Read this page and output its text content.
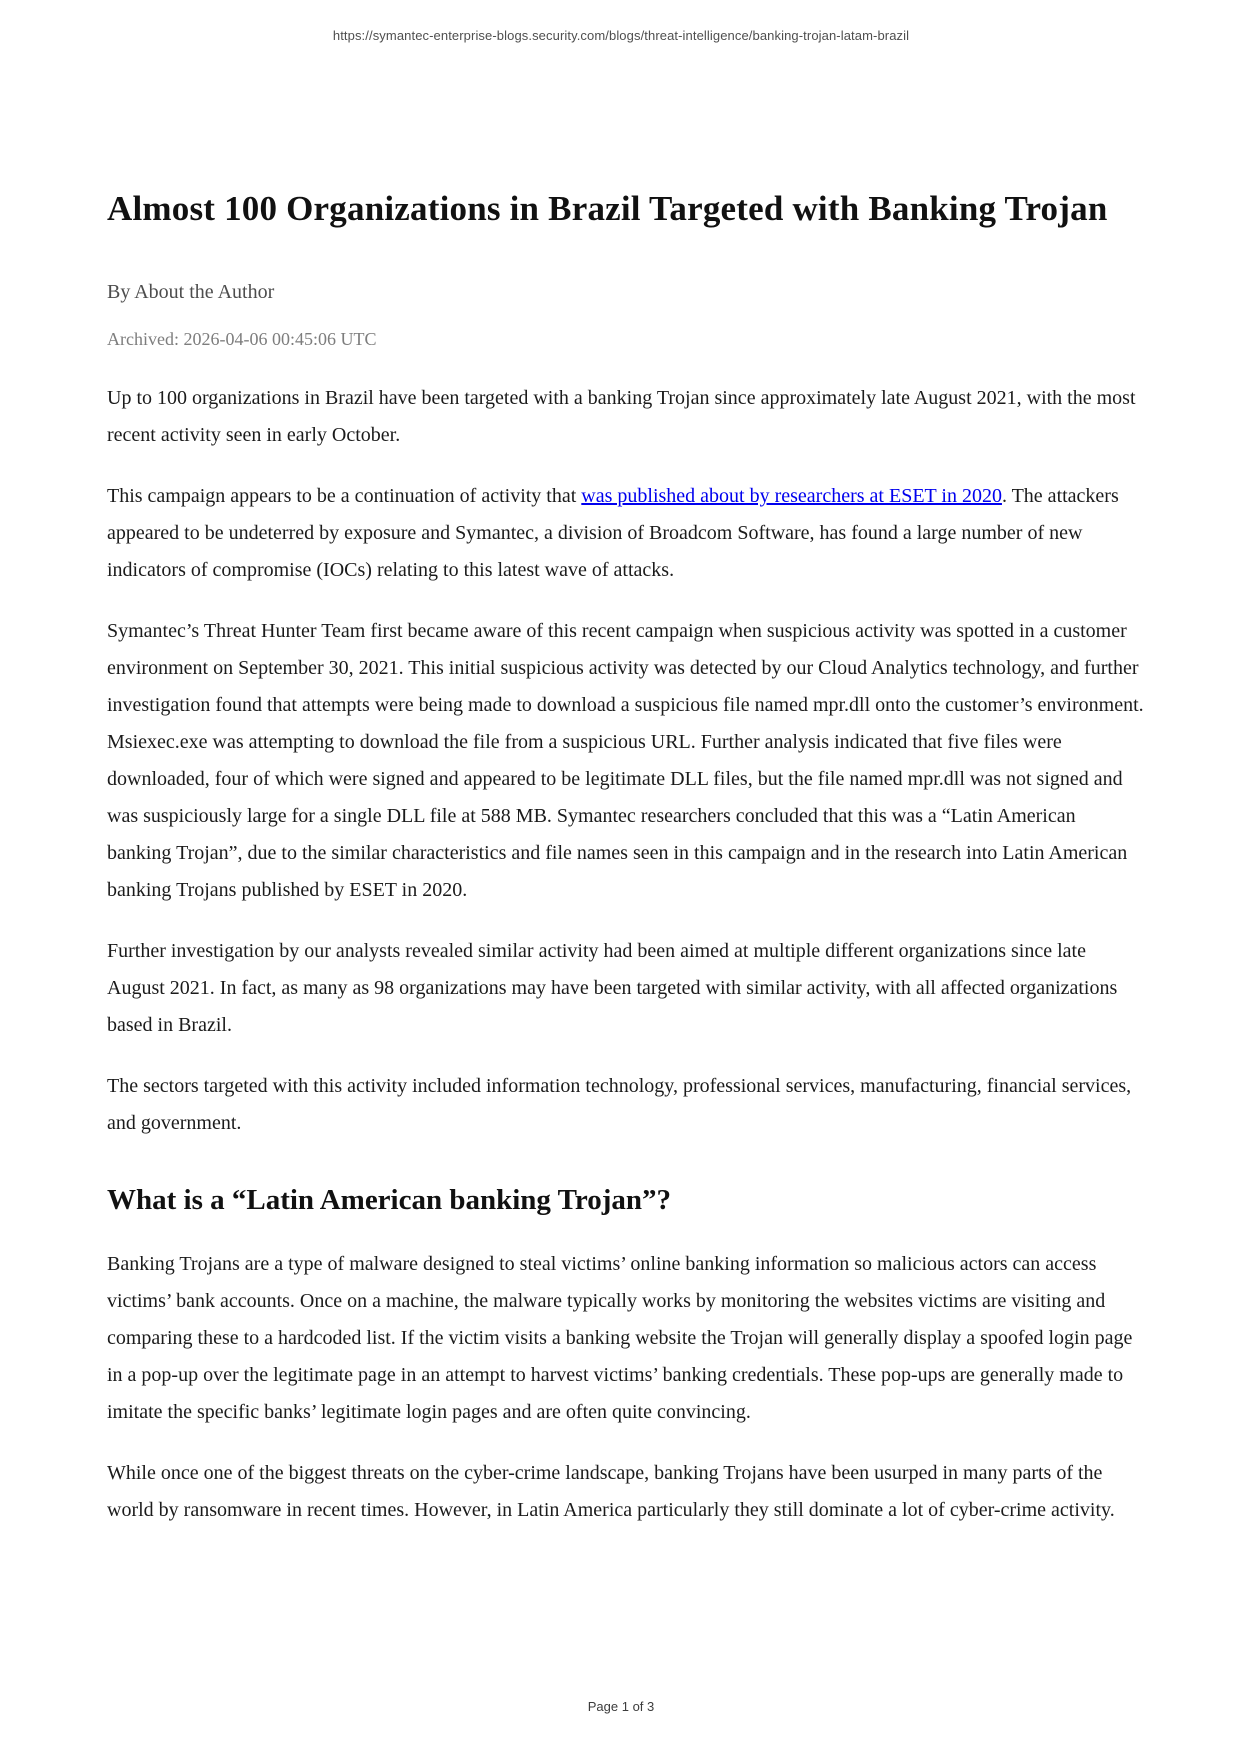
https://symantec-enterprise-blogs.security.com/blogs/threat-intelligence/banking-trojan-latam-brazil
Almost 100 Organizations in Brazil Targeted with Banking Trojan
By About the Author
Archived: 2026-04-06 00:45:06 UTC

Up to 100 organizations in Brazil have been targeted with a banking Trojan since approximately late August 2021, with the most recent activity seen in early October.

This campaign appears to be a continuation of activity that was published about by researchers at ESET in 2020. The attackers appeared to be undeterred by exposure and Symantec, a division of Broadcom Software, has found a large number of new indicators of compromise (IOCs) relating to this latest wave of attacks.

Symantec’s Threat Hunter Team first became aware of this recent campaign when suspicious activity was spotted in a customer environment on September 30, 2021. This initial suspicious activity was detected by our Cloud Analytics technology, and further investigation found that attempts were being made to download a suspicious file named mpr.dll onto the customer’s environment. Msiexec.exe was attempting to download the file from a suspicious URL. Further analysis indicated that five files were downloaded, four of which were signed and appeared to be legitimate DLL files, but the file named mpr.dll was not signed and was suspiciously large for a single DLL file at 588 MB. Symantec researchers concluded that this was a “Latin American banking Trojan”, due to the similar characteristics and file names seen in this campaign and in the research into Latin American banking Trojans published by ESET in 2020.

Further investigation by our analysts revealed similar activity had been aimed at multiple different organizations since late August 2021. In fact, as many as 98 organizations may have been targeted with similar activity, with all affected organizations based in Brazil.

The sectors targeted with this activity included information technology, professional services, manufacturing, financial services, and government.

What is a “Latin American banking Trojan”?

Banking Trojans are a type of malware designed to steal victims’ online banking information so malicious actors can access victims’ bank accounts. Once on a machine, the malware typically works by monitoring the websites victims are visiting and comparing these to a hardcoded list. If the victim visits a banking website the Trojan will generally display a spoofed login page in a pop-up over the legitimate page in an attempt to harvest victims’ banking credentials. These pop-ups are generally made to imitate the specific banks’ legitimate login pages and are often quite convincing.

While once one of the biggest threats on the cyber-crime landscape, banking Trojans have been usurped in many parts of the world by ransomware in recent times. However, in Latin America particularly they still dominate a lot of cyber-crime activity.

Page 1 of 3
